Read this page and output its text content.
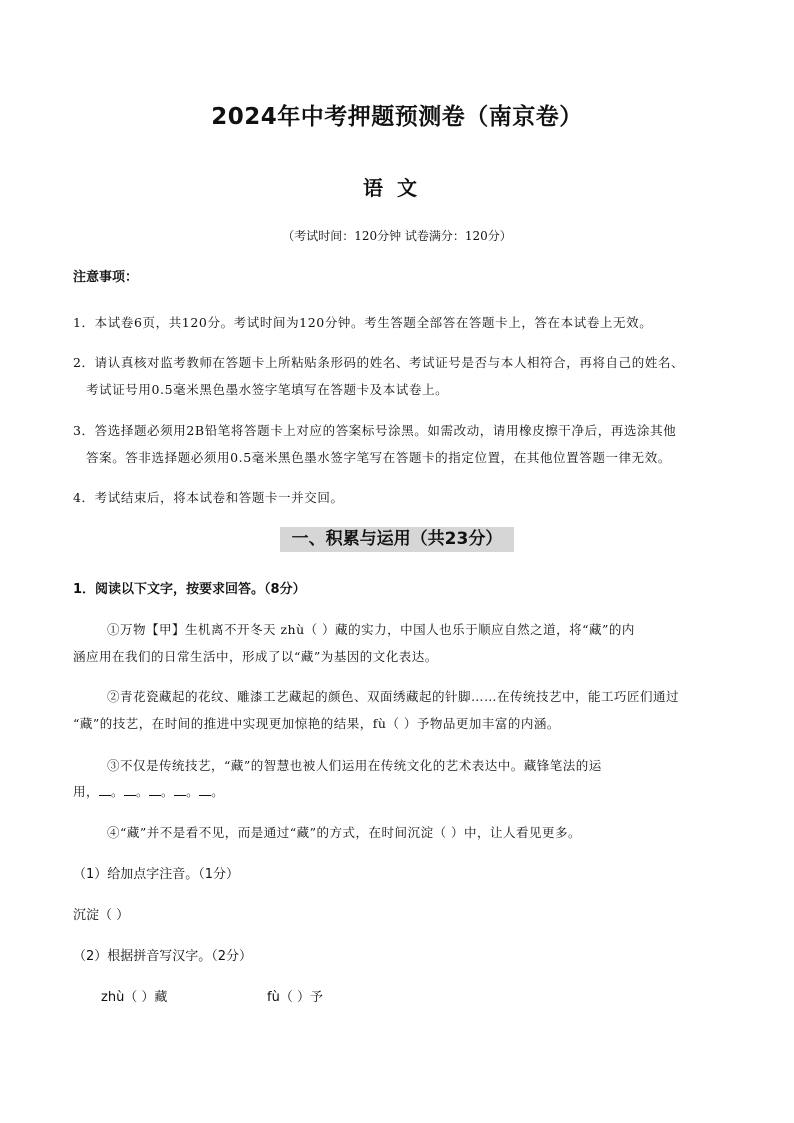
2024年中考押题预测卷（南京卷）
语文
（考试时间：120分钟 试卷满分：120分）
注意事项：
1．本试卷6页，共120分。考试时间为120分钟。考生答题全部答在答题卡上，答在本试卷上无效。
2．请认真核对监考教师在答题卡上所粘贴条形码的姓名、考试证号是否与本人相符合，再将自己的姓名、
考试证号用0.5毫米黑色墨水签字笔填写在答题卡及本试卷上。
3．答选择题必须用2B铅笔将答题卡上对应的答案标号涂黑。如需改动，请用橡皮擦干净后，再选涂其他
答案。答非选择题必须用0.5毫米黑色墨水签字笔写在答题卡的指定位置，在其他位置答题一律无效。
4．考试结束后，将本试卷和答题卡一并交回。
一、积累与运用（共23分）
1．阅读以下文字，按要求回答。（8分）
①万物【甲】生机离不开冬天 zhù（ ）藏的实力，中国人也乐于顺应自然之道，将“藏”的内
涵应用在我们的日常生活中，形成了以“藏”为基因的文化表达。
②青花瓷藏起的花纹、雕漆工艺藏起的颜色、双面绣藏起的针脚……在传统技艺中，能工巧匠们通过
“藏”的技艺，在时间的推进中实现更加惊艳的结果，fù（ ）予物品更加丰富的内涵。
③不仅是传统技艺，“藏”的智慧也被人们运用在传统文化的艺术表达中。藏锋笔法的运
用， 。 。 。 。 。
④“藏”并不是看不见，而是通过“藏”的方式，在时间沉淀（ ）中，让人看见更多。
（1）给加点字注音。（1分）
沉淀（ ）
（2）根据拼音写汉字。（2分）
zhù（ ）藏	fù（ ）予
